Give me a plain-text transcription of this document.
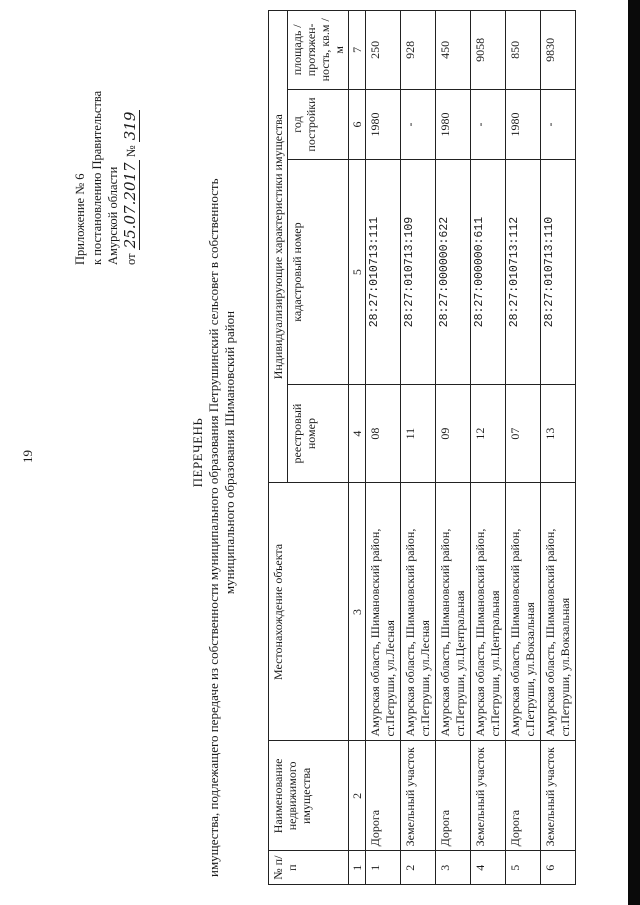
19
Приложение № 6 к постановлению Правительства Амурской области от 25.07.2017 № 319
ПЕРЕЧЕНЬ имущества, подлежащего передаче из собственности муниципального образования Петрушинский сельсовет в собственность муниципального образования Шимановский район
№ п/п	Наименование недвижимого имущества	Местонахождение объекта	Индивидуализирующие характеристики имущества			
			реестровый номер	кадастровый номер	год постройки	площадь / протяжен-ность, кв.м / м
1	2	3	4	5	6	7
1	Дорога	Амурская область, Шимановский район, ст.Петруши, ул.Лесная	08	28:27:010713:111	1980	250
2	Земельный участок	Амурская область, Шимановский район, ст.Петруши, ул.Лесная	11	28:27:010713:109	-	928
3	Дорога	Амурская область, Шимановский район, ст.Петруши, ул.Центральная	09	28:27:000000:622	1980	450
4	Земельный участок	Амурская область, Шимановский район, ст.Петруши, ул.Центральная	12	28:27:000000:611	-	9058
5	Дорога	Амурская область, Шимановский район, с.Петруши, ул.Вокзальная	07	28:27:010713:112	1980	850
6	Земельный участок	Амурская область, Шимановский район, ст.Петруши, ул.Вокзальная	13	28:27:010713:110	-	9830
